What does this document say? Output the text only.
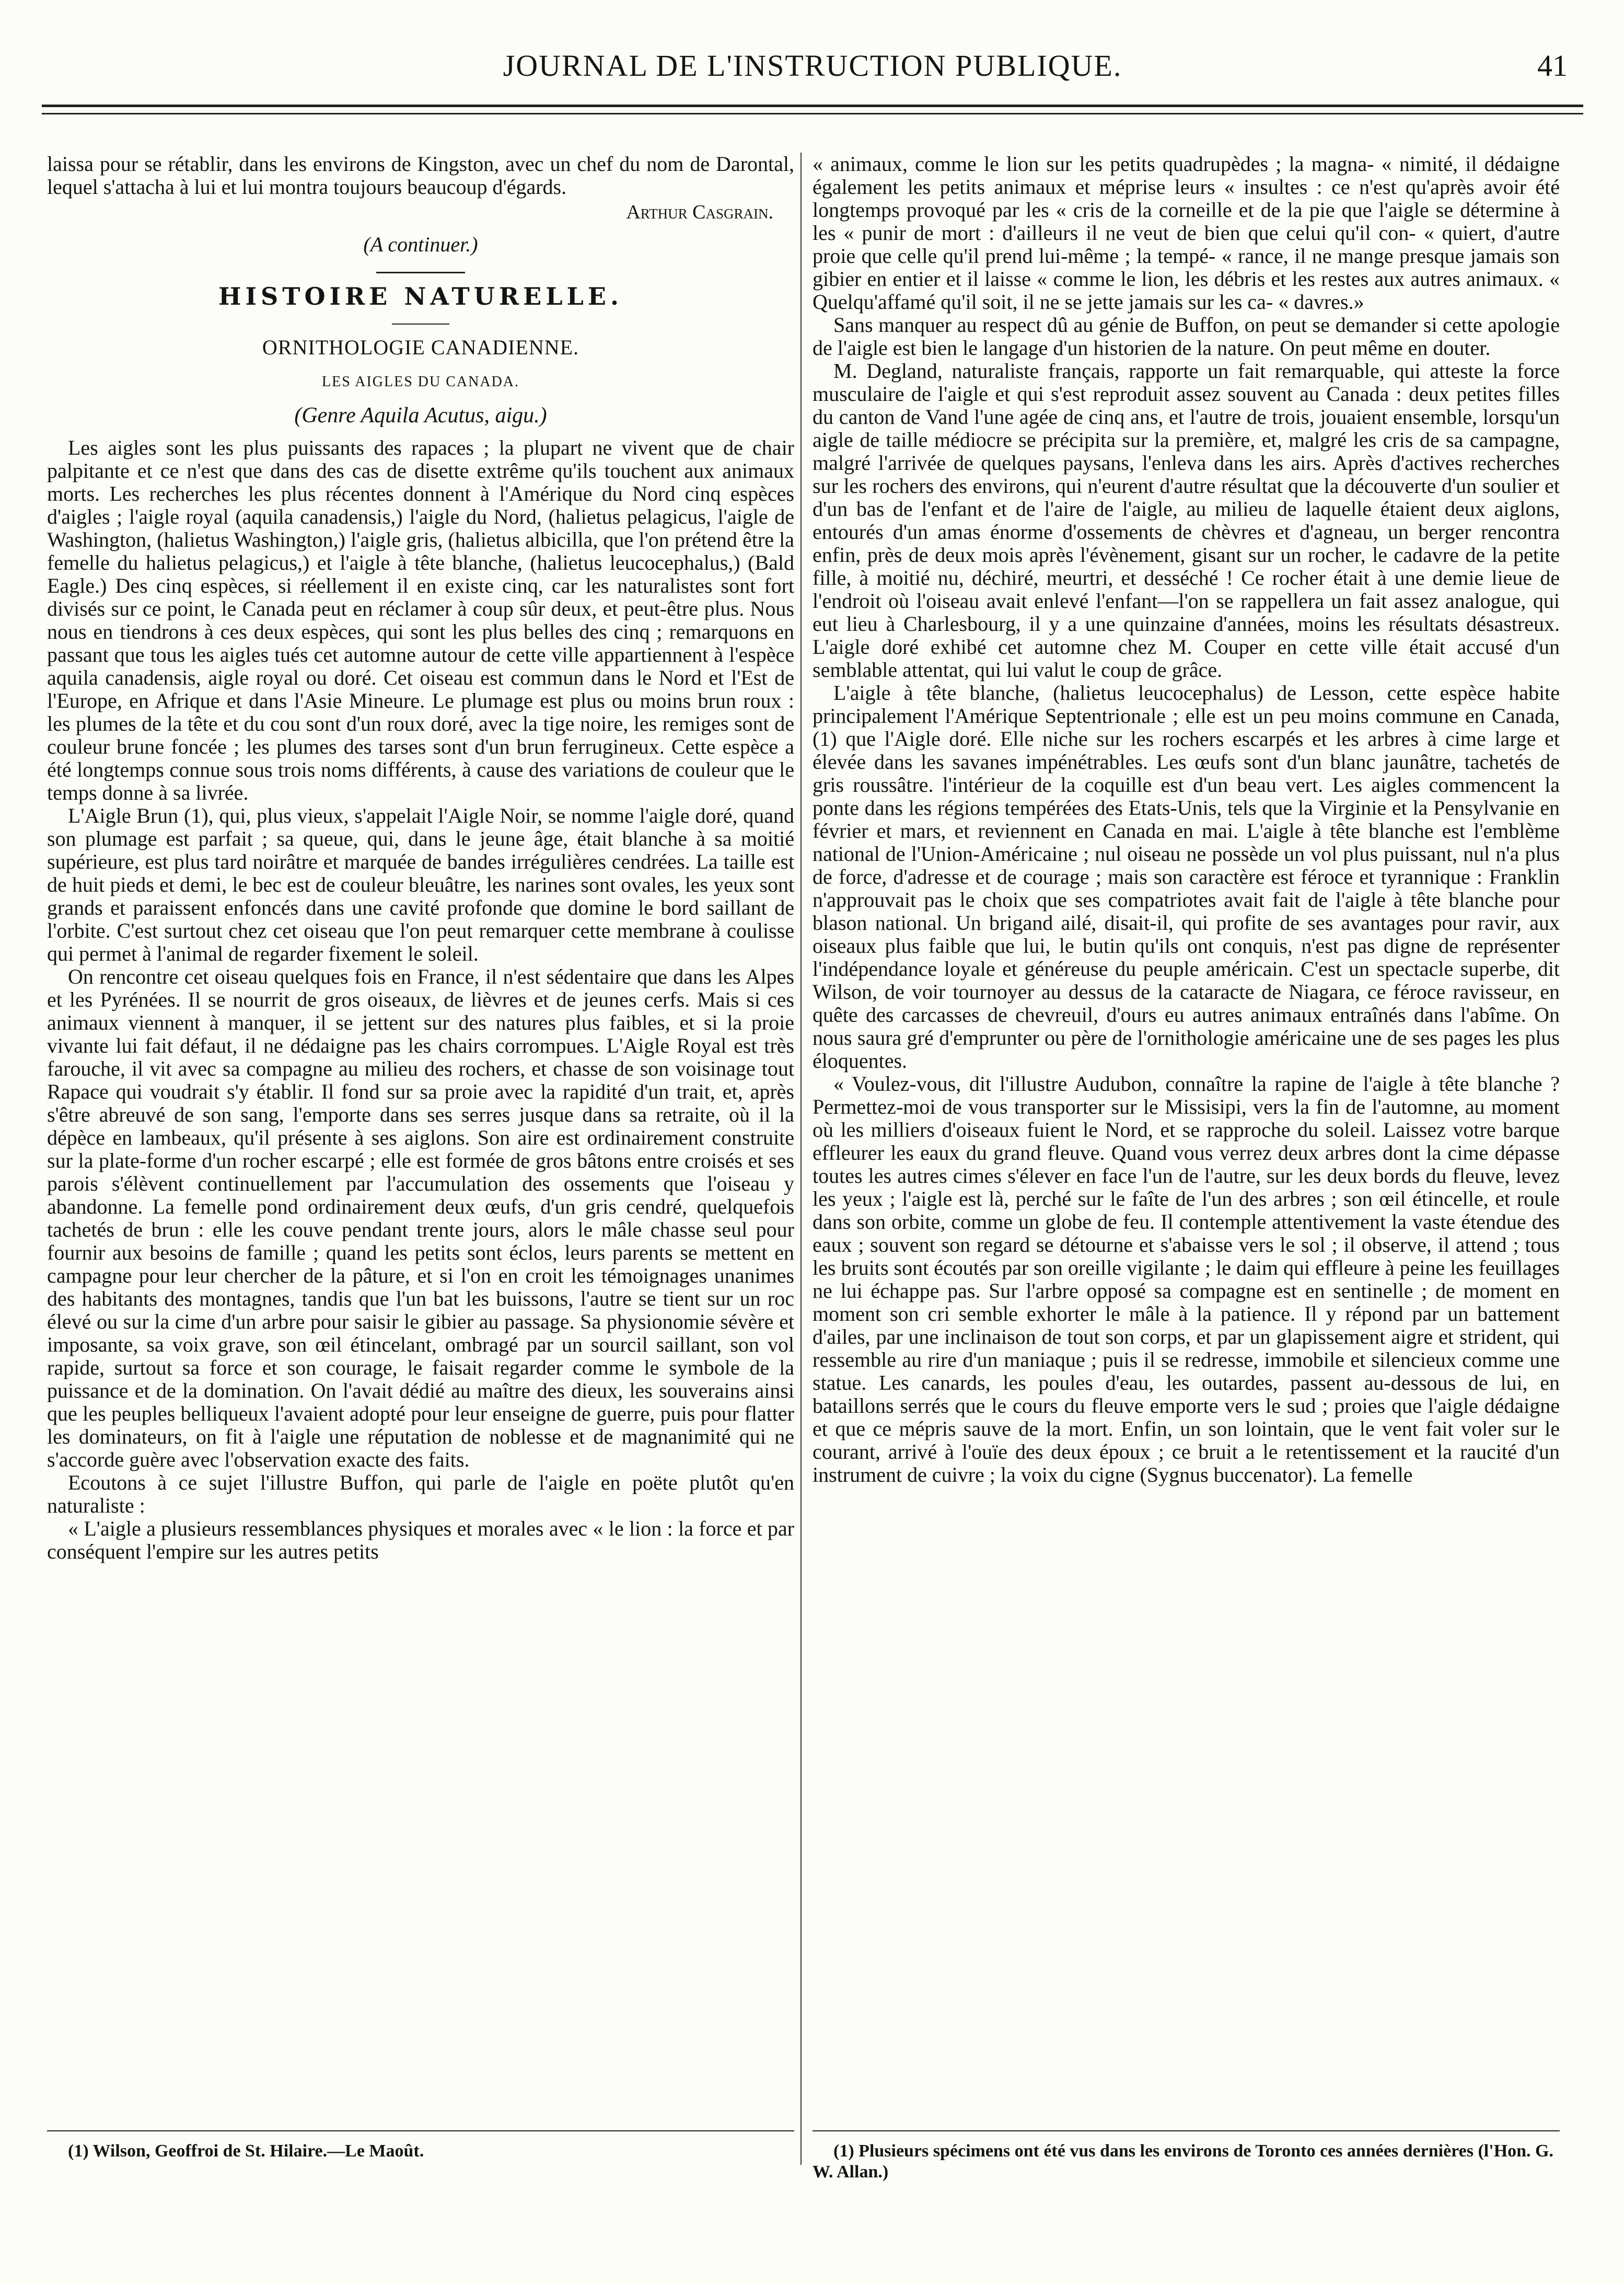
JOURNAL DE L'INSTRUCTION PUBLIQUE.	41

laissa pour se rétablir, dans les environs de Kingston, avec un chef du nom de Darontal, lequel s'attacha à lui et lui montra toujours beaucoup d'égards.

Arthur Casgrain.
(A continuer.)
HISTOIRE NATURELLE.
ORNITHOLOGIE CANADIENNE.
LES AIGLES DU CANADA.
(Genre Aquila Acutus, aigu.)

Les aigles sont les plus puissants des rapaces ; la plupart ne vivent que de chair palpitante et ce n'est que dans des cas de disette extrême qu'ils touchent aux animaux morts. Les recherches les plus récentes donnent à l'Amérique du Nord cinq espèces d'aigles ; l'aigle royal (aquila canadensis,) l'aigle du Nord, (halietus pelagicus, l'aigle de Washington, (halietus Washington,) l'aigle gris, (halietus albicilla, que l'on prétend être la femelle du halietus pelagicus,) et l'aigle à tête blanche, (halietus leucocephalus,) (Bald Eagle.) Des cinq espèces, si réellement il en existe cinq, car les naturalistes sont fort divisés sur ce point, le Canada peut en réclamer à coup sûr deux, et peut-être plus. Nous nous en tiendrons à ces deux espèces, qui sont les plus belles des cinq ; remarquons en passant que tous les aigles tués cet automne autour de cette ville appartiennent à l'espèce aquila canadensis, aigle royal ou doré. Cet oiseau est commun dans le Nord et l'Est de l'Europe, en Afrique et dans l'Asie Mineure. Le plumage est plus ou moins brun roux : les plumes de la tête et du cou sont d'un roux doré, avec la tige noire, les remiges sont de couleur brune foncée ; les plumes des tarses sont d'un brun ferrugineux. Cette espèce a été longtemps connue sous trois noms différents, à cause des variations de couleur que le temps donne à sa livrée.

L'Aigle Brun (1), qui, plus vieux, s'appelait l'Aigle Noir, se nomme l'aigle doré, quand son plumage est parfait ; sa queue, qui, dans le jeune âge, était blanche à sa moitié supérieure, est plus tard noirâtre et marquée de bandes irrégulières cendrées. La taille est de huit pieds et demi, le bec est de couleur bleuâtre, les narines sont ovales, les yeux sont grands et paraissent enfoncés dans une cavité profonde que domine le bord saillant de l'orbite. C'est surtout chez cet oiseau que l'on peut remarquer cette membrane à coulisse qui permet à l'animal de regarder fixement le soleil.

On rencontre cet oiseau quelques fois en France, il n'est sédentaire que dans les Alpes et les Pyrénées. Il se nourrit de gros oiseaux, de lièvres et de jeunes cerfs. Mais si ces animaux viennent à manquer, il se jettent sur des natures plus faibles, et si la proie vivante lui fait défaut, il ne dédaigne pas les chairs corrompues. L'Aigle Royal est très farouche, il vit avec sa compagne au milieu des rochers, et chasse de son voisinage tout Rapace qui voudrait s'y établir. Il fond sur sa proie avec la rapidité d'un trait, et, après s'être abreuvé de son sang, l'emporte dans ses serres jusque dans sa retraite, où il la dépèce en lambeaux, qu'il présente à ses aiglons. Son aire est ordinairement construite sur la plate-forme d'un rocher escarpé ; elle est formée de gros bâtons entre croisés et ses parois s'élèvent continuellement par l'accumulation des ossements que l'oiseau y abandonne. La femelle pond ordinairement deux œufs, d'un gris cendré, quelquefois tachetés de brun : elle les couve pendant trente jours, alors le mâle chasse seul pour fournir aux besoins de famille ; quand les petits sont éclos, leurs parents se mettent en campagne pour leur chercher de la pâture, et si l'on en croit les témoignages unanimes des habitants des montagnes, tandis que l'un bat les buissons, l'autre se tient sur un roc élevé ou sur la cime d'un arbre pour saisir le gibier au passage. Sa physionomie sévère et imposante, sa voix grave, son œil étincelant, ombragé par un sourcil saillant, son vol rapide, surtout sa force et son courage, le faisait regarder comme le symbole de la puissance et de la domination. On l'avait dédié au maître des dieux, les souverains ainsi que les peuples belliqueux l'avaient adopté pour leur enseigne de guerre, puis pour flatter les dominateurs, on fit à l'aigle une réputation de noblesse et de magnanimité qui ne s'accorde guère avec l'observation exacte des faits.

Ecoutons à ce sujet l'illustre Buffon, qui parle de l'aigle en poëte plutôt qu'en naturaliste :

« L'aigle a plusieurs ressemblances physiques et morales avec « le lion : la force et par conséquent l'empire sur les autres petits

« animaux, comme le lion sur les petits quadrupèdes ; la magna- « nimité, il dédaigne également les petits animaux et méprise leurs « insultes : ce n'est qu'après avoir été longtemps provoqué par les « cris de la corneille et de la pie que l'aigle se détermine à les « punir de mort : d'ailleurs il ne veut de bien que celui qu'il con- « quiert, d'autre proie que celle qu'il prend lui-même ; la tempé- « rance, il ne mange presque jamais son gibier en entier et il laisse « comme le lion, les débris et les restes aux autres animaux. « Quelqu'affamé qu'il soit, il ne se jette jamais sur les ca- « davres.»

Sans manquer au respect dû au génie de Buffon, on peut se demander si cette apologie de l'aigle est bien le langage d'un historien de la nature. On peut même en douter.

M. Degland, naturaliste français, rapporte un fait remarquable, qui atteste la force musculaire de l'aigle et qui s'est reproduit assez souvent au Canada : deux petites filles du canton de Vand l'une agée de cinq ans, et l'autre de trois, jouaient ensemble, lorsqu'un aigle de taille médiocre se précipita sur la première, et, malgré les cris de sa campagne, malgré l'arrivée de quelques paysans, l'enleva dans les airs. Après d'actives recherches sur les rochers des environs, qui n'eurent d'autre résultat que la découverte d'un soulier et d'un bas de l'enfant et de l'aire de l'aigle, au milieu de laquelle étaient deux aiglons, entourés d'un amas énorme d'ossements de chèvres et d'agneau, un berger rencontra enfin, près de deux mois après l'évènement, gisant sur un rocher, le cadavre de la petite fille, à moitié nu, déchiré, meurtri, et desséché ! Ce rocher était à une demie lieue de l'endroit où l'oiseau avait enlevé l'enfant—l'on se rappellera un fait assez analogue, qui eut lieu à Charlesbourg, il y a une quinzaine d'années, moins les résultats désastreux. L'aigle doré exhibé cet automne chez M. Couper en cette ville était accusé d'un semblable attentat, qui lui valut le coup de grâce.

L'aigle à tête blanche, (halietus leucocephalus) de Lesson, cette espèce habite principalement l'Amérique Septentrionale ; elle est un peu moins commune en Canada, (1) que l'Aigle doré. Elle niche sur les rochers escarpés et les arbres à cime large et élevée dans les savanes impénétrables. Les œufs sont d'un blanc jaunâtre, tachetés de gris roussâtre. l'intérieur de la coquille est d'un beau vert. Les aigles commencent la ponte dans les régions tempérées des Etats-Unis, tels que la Virginie et la Pensylvanie en février et mars, et reviennent en Canada en mai. L'aigle à tête blanche est l'emblème national de l'Union-Américaine ; nul oiseau ne possède un vol plus puissant, nul n'a plus de force, d'adresse et de courage ; mais son caractère est féroce et tyrannique : Franklin n'approuvait pas le choix que ses compatriotes avait fait de l'aigle à tête blanche pour blason national. Un brigand ailé, disait-il, qui profite de ses avantages pour ravir, aux oiseaux plus faible que lui, le butin qu'ils ont conquis, n'est pas digne de représenter l'indépendance loyale et généreuse du peuple américain. C'est un spectacle superbe, dit Wilson, de voir tournoyer au dessus de la cataracte de Niagara, ce féroce ravisseur, en quête des carcasses de chevreuil, d'ours eu autres animaux entraînés dans l'abîme. On nous saura gré d'emprunter ou père de l'ornithologie américaine une de ses pages les plus éloquentes.

« Voulez-vous, dit l'illustre Audubon, connaître la rapine de l'aigle à tête blanche ? Permettez-moi de vous transporter sur le Missisipi, vers la fin de l'automne, au moment où les milliers d'oiseaux fuient le Nord, et se rapproche du soleil. Laissez votre barque effleurer les eaux du grand fleuve. Quand vous verrez deux arbres dont la cime dépasse toutes les autres cimes s'élever en face l'un de l'autre, sur les deux bords du fleuve, levez les yeux ; l'aigle est là, perché sur le faîte de l'un des arbres ; son œil étincelle, et roule dans son orbite, comme un globe de feu. Il contemple attentivement la vaste étendue des eaux ; souvent son regard se détourne et s'abaisse vers le sol ; il observe, il attend ; tous les bruits sont écoutés par son oreille vigilante ; le daim qui effleure à peine les feuillages ne lui échappe pas. Sur l'arbre opposé sa compagne est en sentinelle ; de moment en moment son cri semble exhorter le mâle à la patience. Il y répond par un battement d'ailes, par une inclinaison de tout son corps, et par un glapissement aigre et strident, qui ressemble au rire d'un maniaque ; puis il se redresse, immobile et silencieux comme une statue. Les canards, les poules d'eau, les outardes, passent au-dessous de lui, en bataillons serrés que le cours du fleuve emporte vers le sud ; proies que l'aigle dédaigne et que ce mépris sauve de la mort. Enfin, un son lointain, que le vent fait voler sur le courant, arrivé à l'ouïe des deux époux ; ce bruit a le retentissement et la raucité d'un instrument de cuivre ; la voix du cigne (Sygnus buccenator). La femelle

(1) Wilson, Geoffroi de St. Hilaire.—Le Maoût.	(1) Plusieurs spécimens ont été vus dans les environs de Toronto ces années dernières (l'Hon. G. W. Allan.)
